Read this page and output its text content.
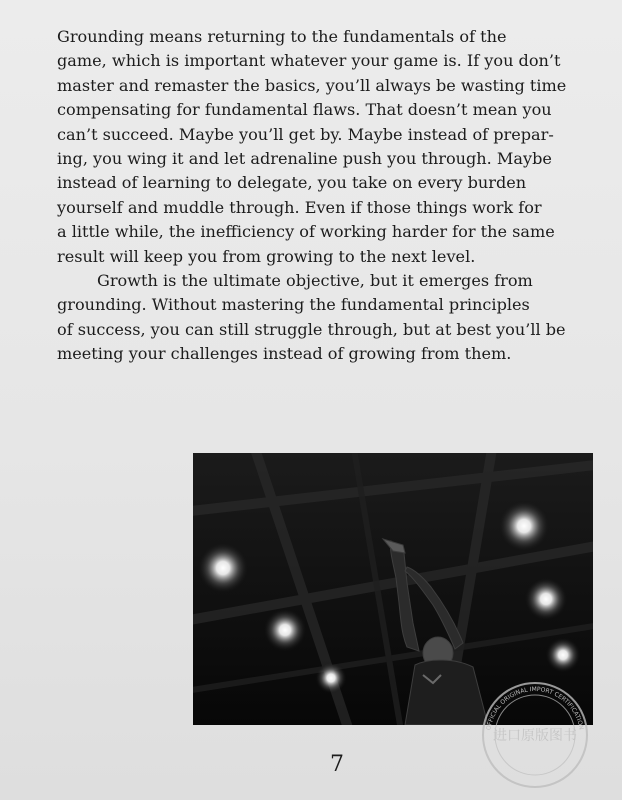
Grounding means returning to the fundamentals of the
game, which is important whatever your game is. If you don’t
master and remaster the basics, you’ll always be wasting time
compensating for fundamental flaws. That doesn’t mean you
can’t succeed. Maybe you’ll get by. Maybe instead of prepar-
ing, you wing it and let adrenaline push you through. Maybe
instead of learning to delegate, you take on every burden
yourself and muddle through. Even if those things work for
a little while, the inefficiency of working harder for the same
result will keep you from growing to the next level.

Growth is the ultimate objective, but it emerges from
grounding. Without mastering the fundamental principles
of success, you can still struggle through, but at best you’ll be
meeting your challenges instead of growing from them.

OFFICIAL ORIGINAL IMPORT CERTIFICATION
进口原版图书
7
